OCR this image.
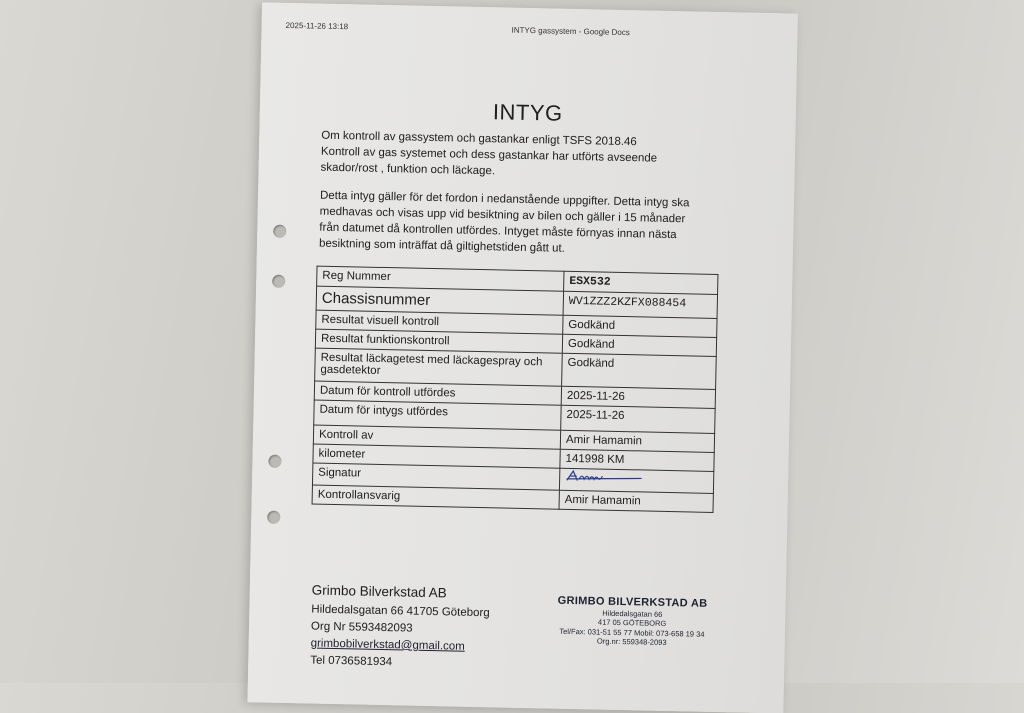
2025-11-26 13:18	INTYG gassystem - Google Docs
INTYG

Om kontroll av gassystem och gastankar enligt TSFS 2018.46
Kontroll av gas systemet och dess gastankar har utförts avseende
skador/rost , funktion och läckage.

Detta intyg gäller för det fordon i nedanstående uppgifter. Detta intyg ska
medhavas och visas upp vid besiktning av bilen och gäller i 15 månader
från datumet då kontrollen utfördes. Intyget måste förnyas innan nästa
besiktning som inträffat då giltighetstiden gått ut.

Reg Nummer	ESX532
Chassisnummer	WV1ZZZ2KZFX088454
Resultat visuell kontroll	Godkänd
Resultat funktionskontroll	Godkänd
Resultat läckagetest med läckagespray och gasdetektor	Godkänd
Datum för kontroll utfördes	2025-11-26
Datum för intygs utfördes	2025-11-26
Kontroll av	Amir Hamamin
kilometer	141998 KM
Signatur	
Kontrollansvarig	Amir Hamamin
Grimbo Bilverkstad AB
Hildedalsgatan 66 41705 Göteborg
Org Nr 5593482093
grimbobilverkstad@gmail.com
Tel 0736581934
GRIMBO BILVERKSTAD AB
Hildedalsgatan 66
417 05 GÖTEBORG
Tel/Fax: 031-51 55 77 Mobil: 073-658 19 34
Org.nr: 559348-2093
